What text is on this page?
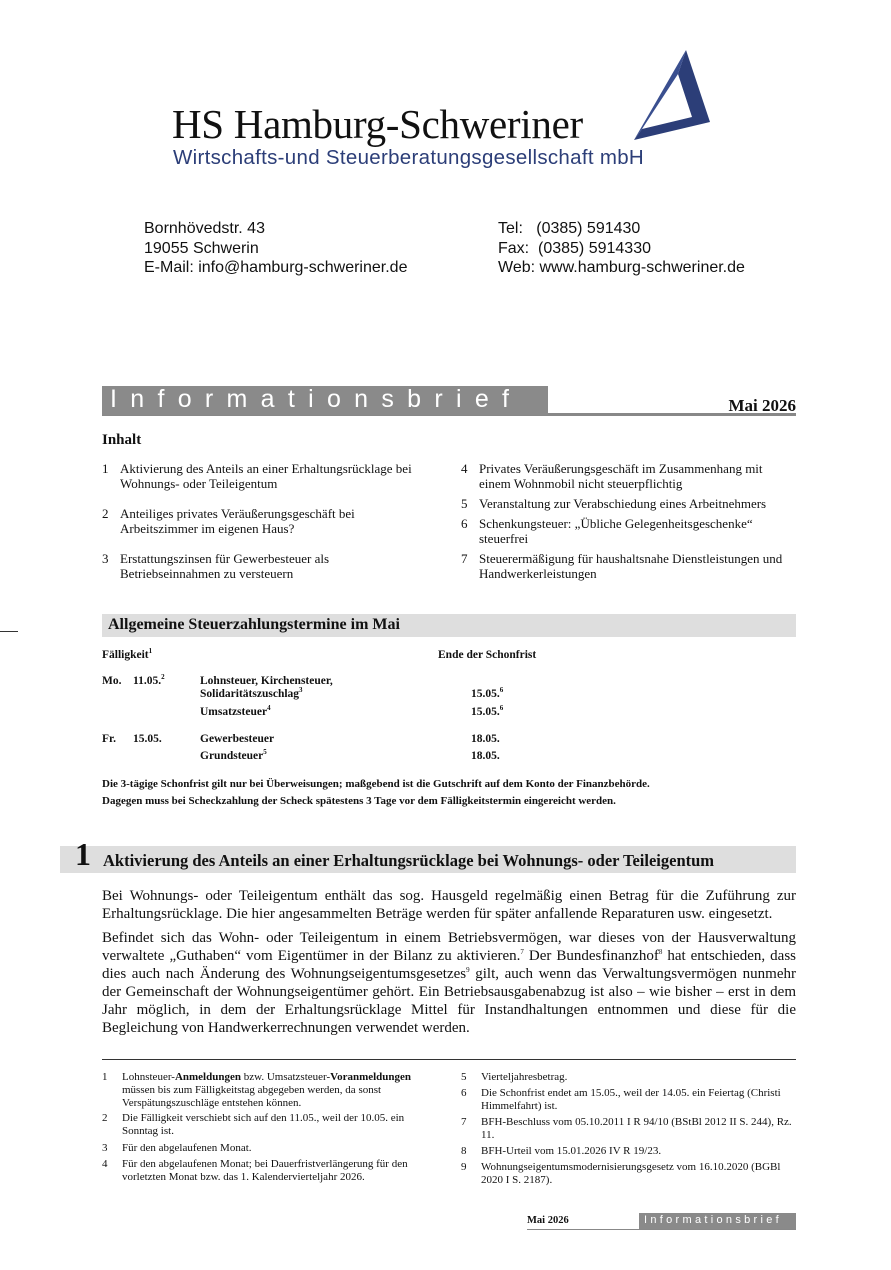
HS Hamburg-Schweriner
Wirtschafts-und Steuerberatungsgesellschaft mbH
Bornhövedstr. 43
19055 Schwerin
E-Mail: info@hamburg-schweriner.de
Tel:   (0385) 591430
Fax:  (0385) 5914330
Web: www.hamburg-schweriner.de
Informationsbrief	Mai 2026
Inhalt
1 Aktivierung des Anteils an einer Erhaltungsrücklage bei Wohnungs- oder Teileigentum
2 Anteiliges privates Veräußerungsgeschäft bei Arbeitszimmer im eigenen Haus?
3 Erstattungszinsen für Gewerbesteuer als Betriebseinnahmen zu versteuern
4 Privates Veräußerungsgeschäft im Zusammenhang mit einem Wohnmobil nicht steuerpflichtig
5 Veranstaltung zur Verabschiedung eines Arbeitnehmers
6 Schenkungsteuer: „Übliche Gelegenheitsgeschenke“ steuerfrei
7 Steuerermäßigung für haushaltsnahe Dienstleistungen und Handwerkerleistungen
Allgemeine Steuerzahlungstermine im Mai
Fälligkeit$^1$	Ende der Schonfrist
Mo. 11.05.$^2$	Lohnsteuer, Kirchensteuer,
Solidaritätszuschlag$^3$	15.05.$^6$
Umsatzsteuer$^4$	15.05.$^6$
Fr. 15.05.	Gewerbesteuer	18.05.
Grundsteuer$^5$	18.05.
Die 3-tägige Schonfrist gilt nur bei Überweisungen; maßgebend ist die Gutschrift auf dem Konto der Finanzbehörde.
Dagegen muss bei Scheckzahlung der Scheck spätestens 3 Tage vor dem Fälligkeitstermin eingereicht werden.
1 Aktivierung des Anteils an einer Erhaltungsrücklage bei Wohnungs- oder Teileigentum
Bei Wohnungs- oder Teileigentum enthält das sog. Hausgeld regelmäßig einen Betrag für die Zuführung zur Erhaltungsrücklage. Die hier angesammelten Beträge werden für später anfallende Reparaturen usw. eingesetzt.
Befindet sich das Wohn- oder Teileigentum in einem Betriebsvermögen, war dieses von der Hausverwaltung verwaltete „Guthaben“ vom Eigentümer in der Bilanz zu aktivieren.$^7$ Der Bundesfinanzhof$^8$ hat entschieden, dass dies auch nach Änderung des Wohnungseigentumsgesetzes$^9$ gilt, auch wenn das Verwaltungsvermögen nunmehr der Gemeinschaft der Wohnungseigentümer gehört. Ein Betriebsausgabenabzug ist also – wie bisher – erst in dem Jahr möglich, in dem der Erhaltungsrücklage Mittel für Instandhaltungen entnommen und diese für die Begleichung von Handwerkerrechnungen verwendet werden.
1	Lohnsteuer-Anmeldungen bzw. Umsatzsteuer-Voranmeldungen müssen bis zum Fälligkeitstag abgegeben werden, da sonst Verspätungszuschläge entstehen können.
2	Die Fälligkeit verschiebt sich auf den 11.05., weil der 10.05. ein Sonntag ist.
3	Für den abgelaufenen Monat.
4	Für den abgelaufenen Monat; bei Dauerfristverlängerung für den vorletzten Monat bzw. das 1. Kalendervierteljahr 2026.
5	Vierteljahresbetrag.
6	Die Schonfrist endet am 15.05., weil der 14.05. ein Feiertag (Christi Himmelfahrt) ist.
7	BFH-Beschluss vom 05.10.2011 I R 94/10 (BStBl 2012 II S. 244), Rz. 11.
8	BFH-Urteil vom 15.01.2026 IV R 19/23.
9	Wohnungseigentumsmodernisierungsgesetz vom 16.10.2020 (BGBl 2020 I S. 2187).
Mai 2026	Informationsbrief
